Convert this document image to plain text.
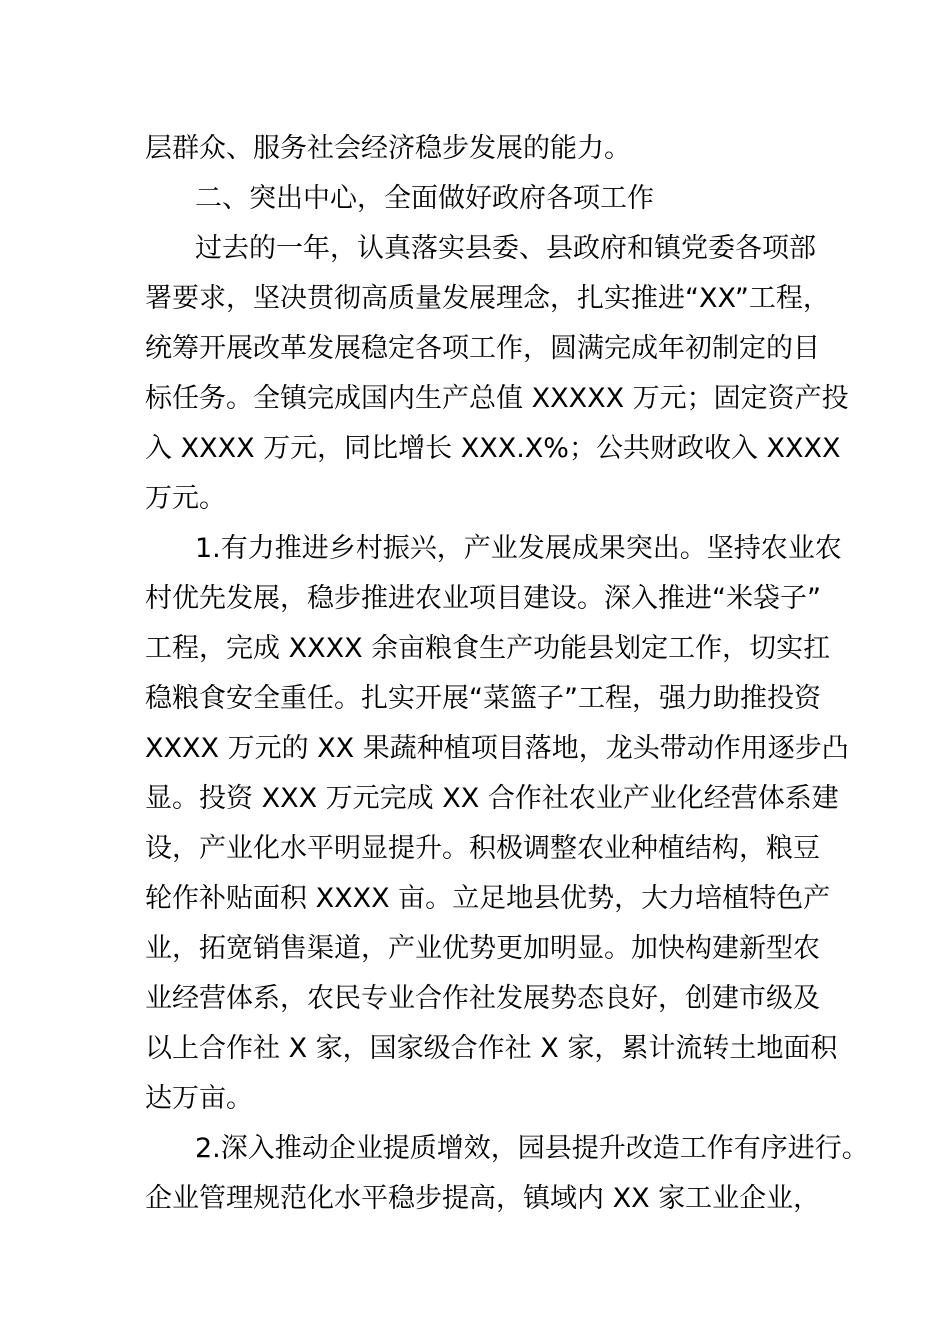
层群众、服务社会经济稳步发展的能力。
二、突出中心，全面做好政府各项工作
过去的一年，认真落实县委、县政府和镇党委各项部
署要求，坚决贯彻高质量发展理念，扎实推进“XX”工程，
统筹开展改革发展稳定各项工作，圆满完成年初制定的目
标任务。全镇完成国内生产总值 XXXXX 万元；固定资产投
入 XXXX 万元，同比增长 XXX.X%；公共财政收入 XXXX
万元。
1.有力推进乡村振兴，产业发展成果突出。坚持农业农
村优先发展，稳步推进农业项目建设。深入推进“米袋子”
工程，完成 XXXX 余亩粮食生产功能县划定工作，切实扛
稳粮食安全重任。扎实开展“菜篮子”工程，强力助推投资
XXXX 万元的 XX 果蔬种植项目落地，龙头带动作用逐步凸
显。投资 XXX 万元完成 XX 合作社农业产业化经营体系建
设，产业化水平明显提升。积极调整农业种植结构，粮豆
轮作补贴面积 XXXX 亩。立足地县优势，大力培植特色产
业，拓宽销售渠道，产业优势更加明显。加快构建新型农
业经营体系，农民专业合作社发展势态良好，创建市级及
以上合作社 X 家，国家级合作社 X 家，累计流转土地面积
达万亩。
2.深入推动企业提质增效，园县提升改造工作有序进行。
企业管理规范化水平稳步提高，镇域内 XX 家工业企业，
